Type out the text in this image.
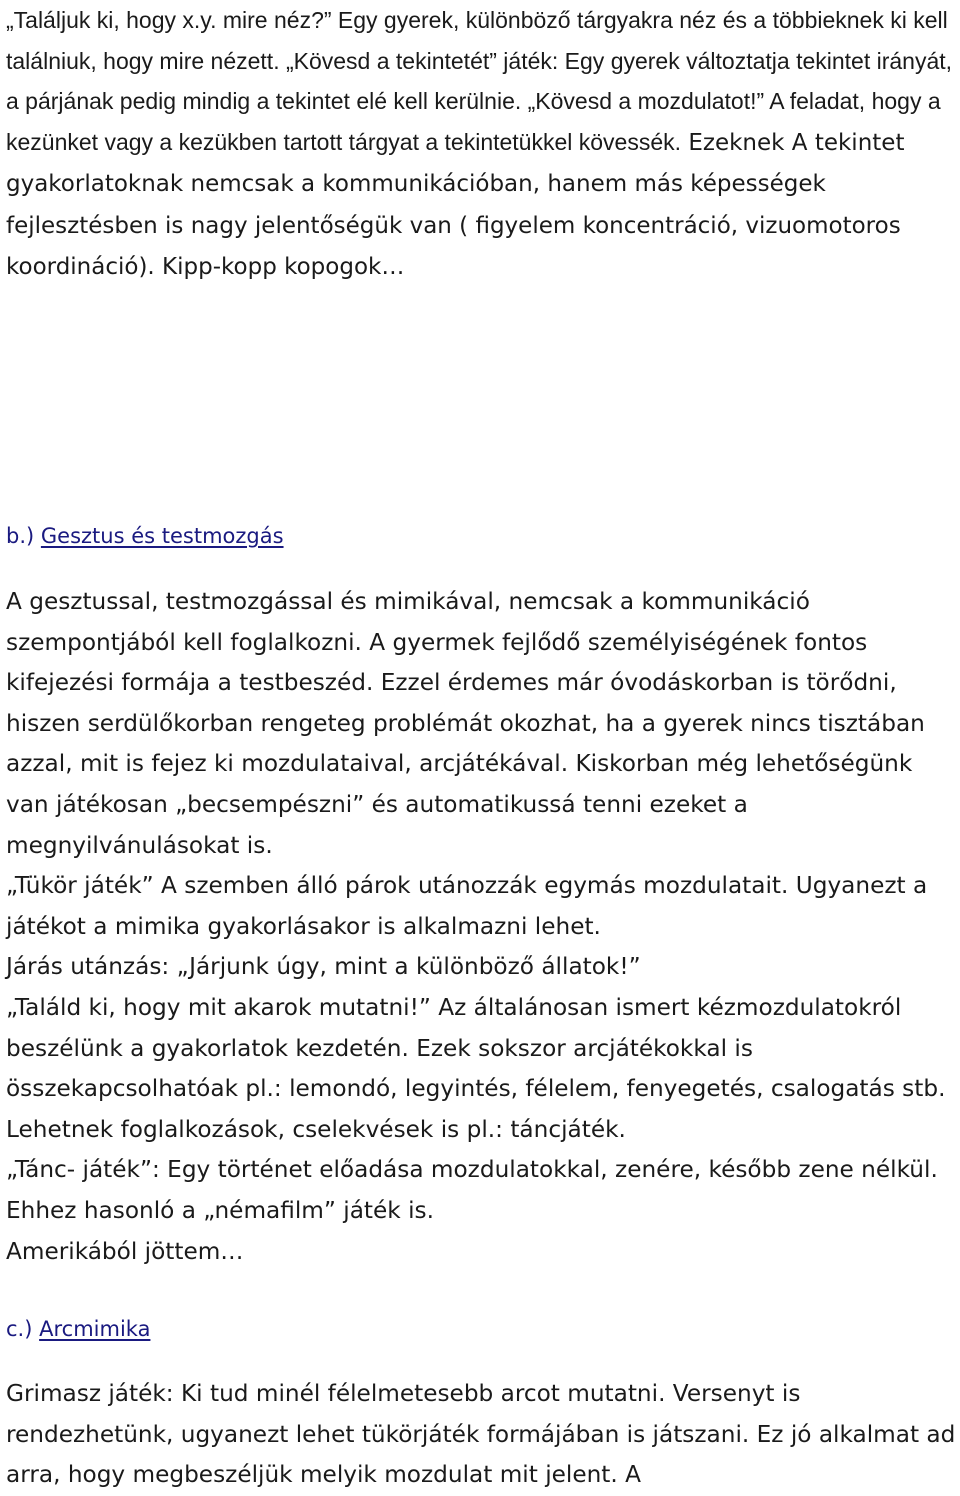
„Találjuk ki, hogy x.y. mire néz?” Egy gyerek, különböző tárgyakra néz és a többieknek ki kell találniuk, hogy mire nézett. „Kövesd a tekintetét” játék: Egy gyerek változtatja tekintet irányát, a párjának pedig mindig a tekintet elé kell kerülnie. „Kövesd a mozdulatot!” A feladat, hogy a kezünket vagy a kezükben tartott tárgyat a tekintetükkel kövessék. Ezeknek A tekintet gyakorlatoknak nemcsak a kommunikációban, hanem más képességek fejlesztésben is nagy jelentőségük van ( figyelem koncentráció, vizuomotoros koordináció). Kipp-kopp kopogok…

b.) Gesztus és testmozgás

A gesztussal, testmozgással és mimikával, nemcsak a kommunikáció szempontjából kell foglalkozni. A gyermek fejlődő személyiségének fontos kifejezési formája a testbeszéd. Ezzel érdemes már óvodáskorban is törődni, hiszen serdülőkorban rengeteg problémát okozhat, ha a gyerek nincs tisztában azzal, mit is fejez ki mozdulataival, arcjátékával. Kiskorban még lehetőségünk van játékosan „becsempészni” és automatikussá tenni ezeket a megnyilvánulásokat is.

„Tükör játék” A szemben álló párok utánozzák egymás mozdulatait. Ugyanezt a játékot a mimika gyakorlásakor is alkalmazni lehet.

Járás utánzás: „Járjunk úgy, mint a különböző állatok!”

„Találd ki, hogy mit akarok mutatni!” Az általánosan ismert kézmozdulatokról beszélünk a gyakorlatok kezdetén. Ezek sokszor arcjátékokkal is összekapcsolhatóak pl.: lemondó, legyintés, félelem, fenyegetés, csalogatás stb. Lehetnek foglalkozások, cselekvések is pl.: táncjáték.

„Tánc- játék”: Egy történet előadása mozdulatokkal, zenére, később zene nélkül. Ehhez hasonló a „némafilm” játék is.

Amerikából jöttem…

c.) Arcmimika

Grimasz játék: Ki tud minél félelmetesebb arcot mutatni. Versenyt is rendezhetünk, ugyanezt lehet tükörjáték formájában is játszani. Ez jó alkalmat ad arra, hogy megbeszéljük melyik mozdulat mit jelent. A
